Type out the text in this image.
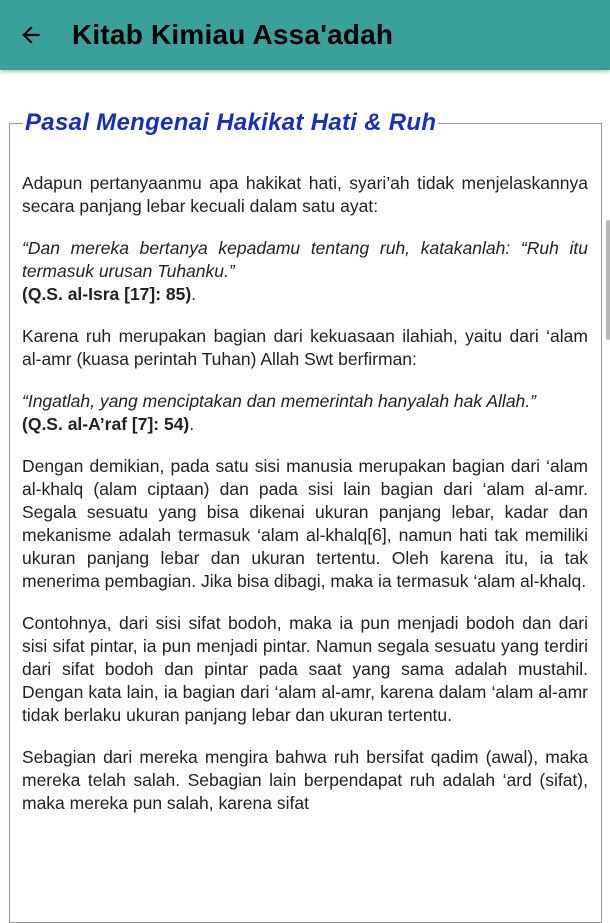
Kitab Kimiau Assa'adah
Pasal Mengenai Hakikat Hati & Ruh

Adapun pertanyaanmu apa hakikat hati, syari’ah tidak menjelaskannya secara panjang lebar kecuali dalam satu ayat:

“Dan mereka bertanya kepadamu tentang ruh, katakanlah: “Ruh itu termasuk urusan Tuhanku.”
(Q.S. al-Isra [17]: 85).

Karena ruh merupakan bagian dari kekuasaan ilahiah, yaitu dari ‘alam al-amr (kuasa perintah Tuhan) Allah Swt berfirman:

“Ingatlah, yang menciptakan dan memerintah hanyalah hak Allah.”
(Q.S. al-A’raf [7]: 54).

Dengan demikian, pada satu sisi manusia merupakan bagian dari ‘alam al-khalq (alam ciptaan) dan pada sisi lain bagian dari ‘alam al-amr. Segala sesuatu yang bisa dikenai ukuran panjang lebar, kadar dan mekanisme adalah termasuk ‘alam al-khalq[6], namun hati tak memiliki ukuran panjang lebar dan ukuran tertentu. Oleh karena itu, ia tak menerima pembagian. Jika bisa dibagi, maka ia termasuk ‘alam al-khalq.

Contohnya, dari sisi sifat bodoh, maka ia pun menjadi bodoh dan dari sisi sifat pintar, ia pun menjadi pintar. Namun segala sesuatu yang terdiri dari sifat bodoh dan pintar pada saat yang sama adalah mustahil. Dengan kata lain, ia bagian dari ‘alam al-amr, karena dalam ‘alam al-amr tidak berlaku ukuran panjang lebar dan ukuran tertentu.

Sebagian dari mereka mengira bahwa ruh bersifat qadim (awal), maka mereka telah salah. Sebagian lain berpendapat ruh adalah ‘ard (sifat), maka mereka pun salah, karena sifat
